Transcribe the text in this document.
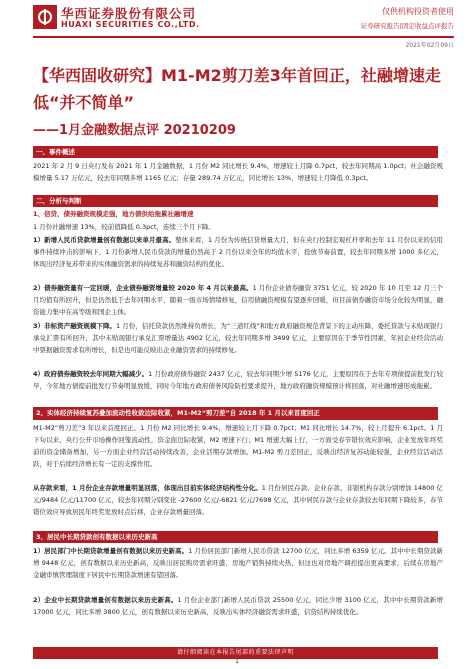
华西证券股份有限公司
HUAXI SECURITIES CO.,LTD.
仅供机构投资者使用
证券研究报告|固定收益点评报告
2021年02月09日
【华西固收研究】M1-M2剪刀差3年首回正，社融增速走低“并不简单”
——1月金融数据点评 20210209
一、事件概述
2021 年 2 月 9 日央行发布 2021 年 1 月金融数据，1 月份 M2 同比增长 9.4%，增速较上月降 0.7pct，较去年同期高 1.0pct；社会融资规模增量 5.17 万亿元，较去年同期多增 1165 亿元；存量 289.74 万亿元，同比增长 13%，增速较上月降低 0.3pct。
二、分析与判断
1、信贷、债券融资规模走强，地方债供给拖累社融增速
1 月份社融增速 13%，较前值降低 0.3pct，连续三个月下降。
1）新增人民币贷款增量创有数据以来单月最高。整体来看，1 月份为传统信贷增量大月，但在央行控制宏观杠杆率和去年 11 月份以来的信用事件持续冲击的影响下，1 月份新增人民币贷款的增量仍然高于 2 月份以来全年的均值水平，投放节奏前置，较去年同期多增 1000 多亿元，体现出经济复苏带来的实体融资需求的持续复苏和融资结构的优化。
2）债券融资量有一定回暖，企业债券融资增量较 2020 年 4 月以来最高。1 月份企业债券融资 3751 亿元，较 2020 年 10 月至 12 月三个月均值有所回升，但是仍然低于去年同期水平，随着一级市场情绪修复，信用债融资规模有望逐步回暖，但目前债券融资市场分化较为明显，融资能力集中在高等级和国企主体。
3）非标资产融资规模下降。1 月份，信托贷款仍然维持负增长，为“三道红线”和地方政府融资规范背景下的主动压降，委托贷款与未贴现银行承兑汇票有所回升，其中未贴现银行承兑汇票增量达 4902 亿元，较去年同期多增 3499 亿元，主要原因在于季节性因素，年初企业经营活动中票据融资需求有所增长，但是也可能反映出企业融资需求的持续修复。
4）政府债券融资较去年同期大幅减少。1 月份政府债券融资 2437 亿元，较去年同期少增 5176 亿元，主要原因在于去年专项债提前批发行较早，今年地方债提前批发行节奏明显放缓，同时今年地方政府债务风险防控要求提升，地方政府融资规模预计将回落，对社融增速形成拖累。
2、实体经济持续复苏叠加流动性收敛边际收紧，M1-M2“剪刀差”自 2018 年 1 月以来首度回正
M1-M2“剪刀差”3 年以来首度回正。1 月份 M2 同比增长 9.4%，增速较上月下降 0.7pct；M1 同比增长 14.7%，较上月提升 6.1pct。1 月下旬以来，央行公开市场操作回笼流动性，资金面边际收紧，M2 增速下行；M1 增速大幅上行，一方面受春节错位效应影响，企业发放年终奖前的资金储备增加，另一方面企业经营活动持续改善，企业活期存款增加。M1-M2 剪刀差回正，反映出经济复苏动能较强，企业经营活动活跃，对于后续经济增长有一定的支撑作用。
从存款来看，1 月份企业存款增量明显回落，体现出目前实体经济结构性分化。1 月份居民存款、企业存款、非银机构存款分别增加 14800 亿元/9484 亿元/11700 亿元，较去年同期分别变化 -27600 亿元/-6821 亿元/7698 亿元，其中居民存款与企业存款较去年同期下降较多，春节错位效应导致居民年终奖发放时点后移，企业存款增量回落。
3、居民中长期贷款创有数据以来历史新高
1）居民部门中长期贷款增量创有数据以来历史新高。1 月份居民部门新增人民币贷款 12700 亿元，同比多增 6359 亿元。其中中长期贷款新增 9448 亿元，创有数据以来历史新高，反映出居民购房需求旺盛，房地产销售持续火热，但这也对房地产调控提出更高要求，后续在房地产金融审慎管理制度下居民中长期贷款增速有望回落。
2）企业中长期贷款增量创有数据以来历史新高。1 月份企业部门新增人民币贷款 25500 亿元，同比少增 3100 亿元，其中中长期贷款新增 17000 亿元，同比多增 3800 亿元，创有数据以来历史新高，反映出实体经济融资需求旺盛，信贷结构持续优化。
请仔细阅读在本报告尾部的重要法律声明
1
